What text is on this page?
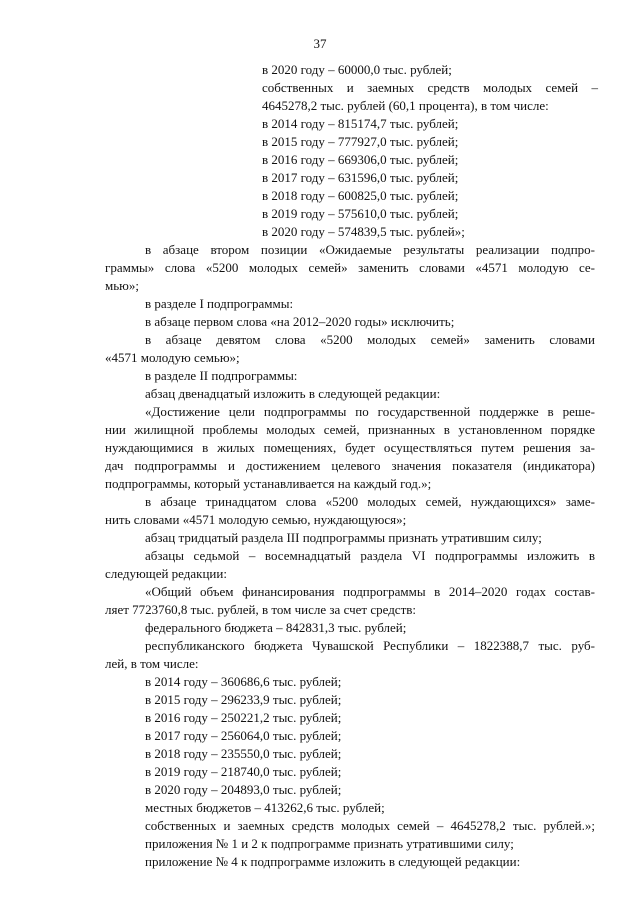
37
в 2020 году – 60000,0 тыс. рублей;
собственных и заемных средств молодых семей –
4645278,2 тыс. рублей (60,1 процента), в том числе:
в 2014 году – 815174,7 тыс. рублей;
в 2015 году – 777927,0 тыс. рублей;
в 2016 году – 669306,0 тыс. рублей;
в 2017 году – 631596,0 тыс. рублей;
в 2018 году – 600825,0 тыс. рублей;
в 2019 году – 575610,0 тыс. рублей;
в 2020 году – 574839,5 тыс. рублей»;
в абзаце втором позиции «Ожидаемые результаты реализации подпро-
граммы» слова «5200 молодых семей» заменить словами «4571 молодую се-
мью»;
в разделе I подпрограммы:
в абзаце первом слова «на 2012–2020 годы» исключить;
в абзаце девятом слова «5200 молодых семей» заменить словами
«4571 молодую семью»;
в разделе II подпрограммы:
абзац двенадцатый изложить в следующей редакции:
«Достижение цели подпрограммы по государственной поддержке в реше-
нии жилищной проблемы молодых семей, признанных в установленном порядке
нуждающимися в жилых помещениях, будет осуществляться путем решения за-
дач подпрограммы и достижением целевого значения показателя (индикатора)
подпрограммы, который устанавливается на каждый год.»;
в абзаце тринадцатом слова «5200 молодых семей, нуждающихся» заме-
нить словами «4571 молодую семью, нуждающуюся»;
абзац тридцатый раздела III подпрограммы признать утратившим силу;
абзацы седьмой – восемнадцатый раздела VI подпрограммы изложить в
следующей редакции:
«Общий объем финансирования подпрограммы в 2014–2020 годах состав-
ляет 7723760,8 тыс. рублей, в том числе за счет средств:
федерального бюджета – 842831,3 тыс. рублей;
республиканского бюджета Чувашской Республики – 1822388,7 тыс. руб-
лей, в том числе:
в 2014 году – 360686,6 тыс. рублей;
в 2015 году – 296233,9 тыс. рублей;
в 2016 году – 250221,2 тыс. рублей;
в 2017 году – 256064,0 тыс. рублей;
в 2018 году – 235550,0 тыс. рублей;
в 2019 году – 218740,0 тыс. рублей;
в 2020 году – 204893,0 тыс. рублей;
местных бюджетов – 413262,6 тыс. рублей;
собственных и заемных средств молодых семей – 4645278,2 тыс. рублей.»;
приложения № 1 и 2 к подпрограмме признать утратившими силу;
приложение № 4 к подпрограмме изложить в следующей редакции:
